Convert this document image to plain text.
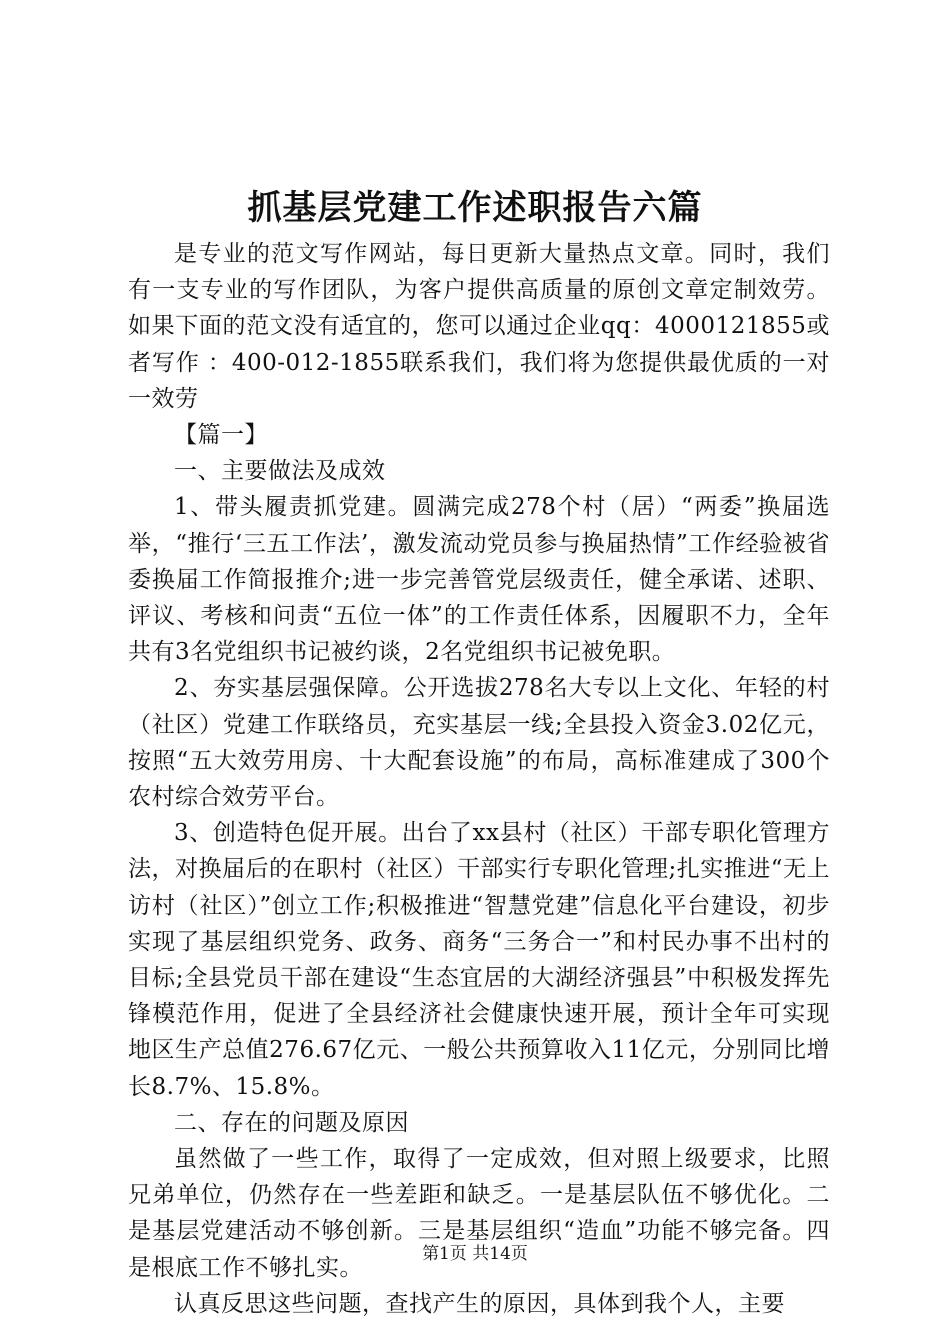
抓基层党建工作述职报告六篇

是专业的范文写作网站，每日更新大量热点文章。同时，我们有一支专业的写作团队，为客户提供高质量的原创文章定制效劳。如果下面的范文没有适宜的，您可以通过企业qq：4000121855或者写作 ：400-012-1855联系我们，我们将为您提供最优质的一对一效劳

【篇一】

一、主要做法及成效

1、带头履责抓党建。圆满完成278个村（居）“两委”换届选举，“推行‘三五工作法’，激发流动党员参与换届热情”工作经验被省委换届工作简报推介;进一步完善管党层级责任，健全承诺、述职、评议、考核和问责“五位一体”的工作责任体系，因履职不力，全年共有3名党组织书记被约谈，2名党组织书记被免职。

2、夯实基层强保障。公开选拔278名大专以上文化、年轻的村（社区）党建工作联络员，充实基层一线;全县投入资金3.02亿元，按照“五大效劳用房、十大配套设施”的布局，高标准建成了300个农村综合效劳平台。

3、创造特色促开展。出台了xx县村（社区）干部专职化管理方法，对换届后的在职村（社区）干部实行专职化管理;扎实推进“无上访村（社区）”创立工作;积极推进“智慧党建”信息化平台建设，初步实现了基层组织党务、政务、商务“三务合一”和村民办事不出村的目标;全县党员干部在建设“生态宜居的大湖经济强县”中积极发挥先锋模范作用，促进了全县经济社会健康快速开展，预计全年可实现地区生产总值276.67亿元、一般公共预算收入11亿元，分别同比增长8.7%、15.8%。

二、存在的问题及原因

虽然做了一些工作，取得了一定成效，但对照上级要求，比照兄弟单位，仍然存在一些差距和缺乏。一是基层队伍不够优化。二是基层党建活动不够创新。三是基层组织“造血”功能不够完备。四是根底工作不够扎实。

认真反思这些问题，查找产生的原因，具体到我个人，主要

第1页 共14页
